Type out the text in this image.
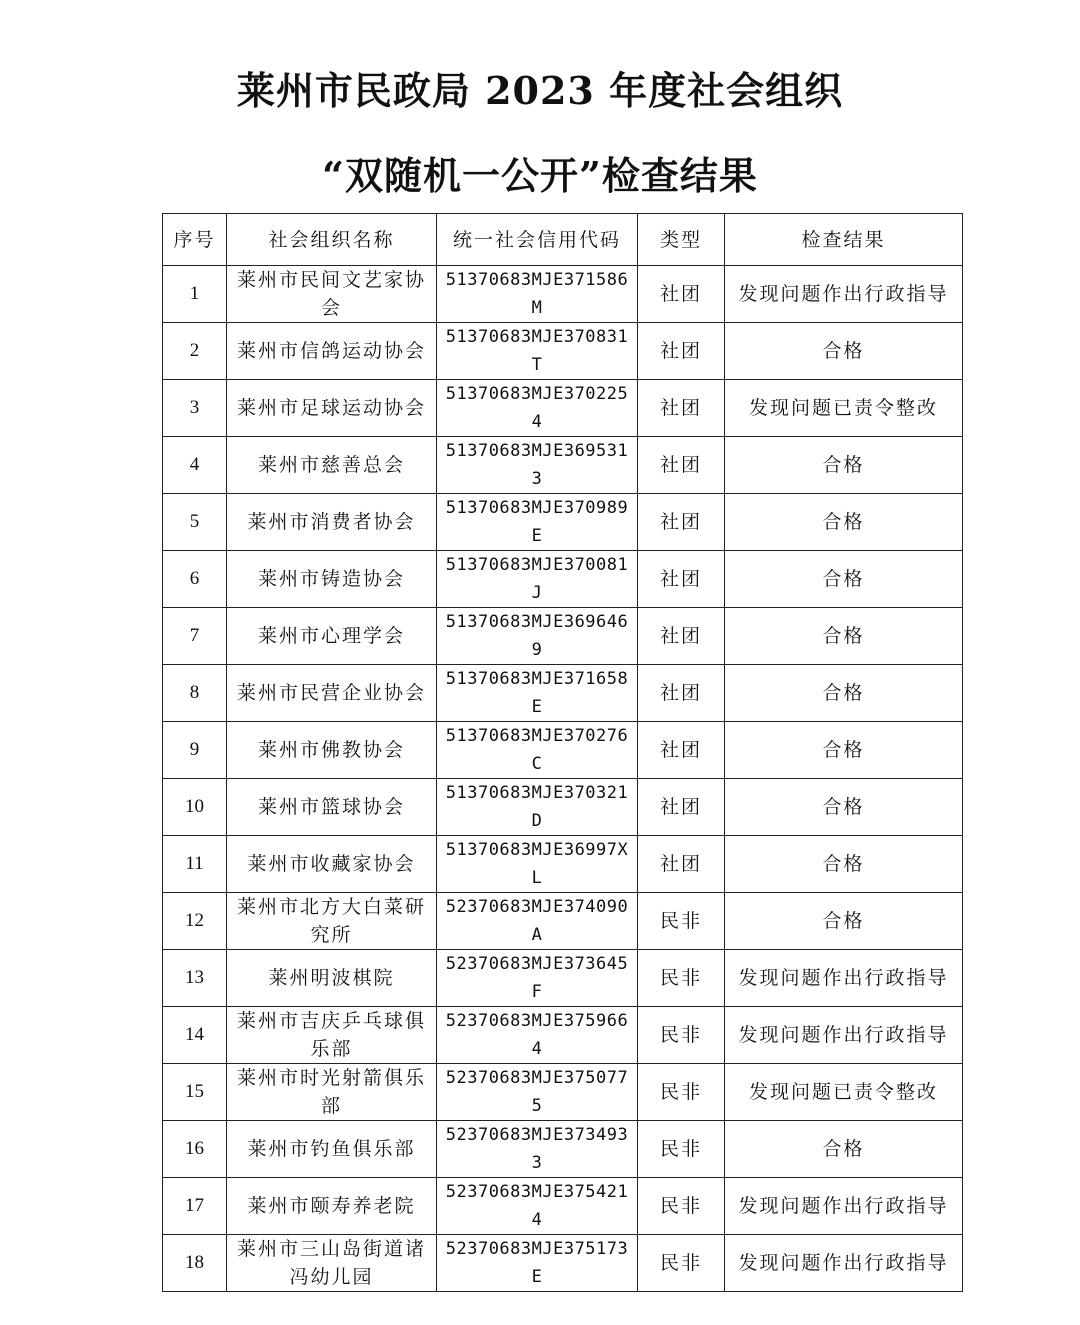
莱州市民政局 2023 年度社会组织
“双随机一公开”检查结果
序号	社会组织名称	统一社会信用代码	类型	检查结果
1	莱州市民间文艺家协会	51370683MJE371586M	社团	发现问题作出行政指导
2	莱州市信鸽运动协会	51370683MJE370831T	社团	合格
3	莱州市足球运动协会	51370683MJE3702254	社团	发现问题已责令整改
4	莱州市慈善总会	51370683MJE3695313	社团	合格
5	莱州市消费者协会	51370683MJE370989E	社团	合格
6	莱州市铸造协会	51370683MJE370081J	社团	合格
7	莱州市心理学会	51370683MJE3696469	社团	合格
8	莱州市民营企业协会	51370683MJE371658E	社团	合格
9	莱州市佛教协会	51370683MJE370276C	社团	合格
10	莱州市篮球协会	51370683MJE370321D	社团	合格
11	莱州市收藏家协会	51370683MJE36997XL	社团	合格
12	莱州市北方大白菜研究所	52370683MJE374090A	民非	合格
13	莱州明波棋院	52370683MJE373645F	民非	发现问题作出行政指导
14	莱州市吉庆乒乓球俱乐部	52370683MJE3759664	民非	发现问题作出行政指导
15	莱州市时光射箭俱乐部	52370683MJE3750775	民非	发现问题已责令整改
16	莱州市钓鱼俱乐部	52370683MJE3734933	民非	合格
17	莱州市颐寿养老院	52370683MJE3754214	民非	发现问题作出行政指导
18	莱州市三山岛街道诸冯幼儿园	52370683MJE375173E	民非	发现问题作出行政指导
